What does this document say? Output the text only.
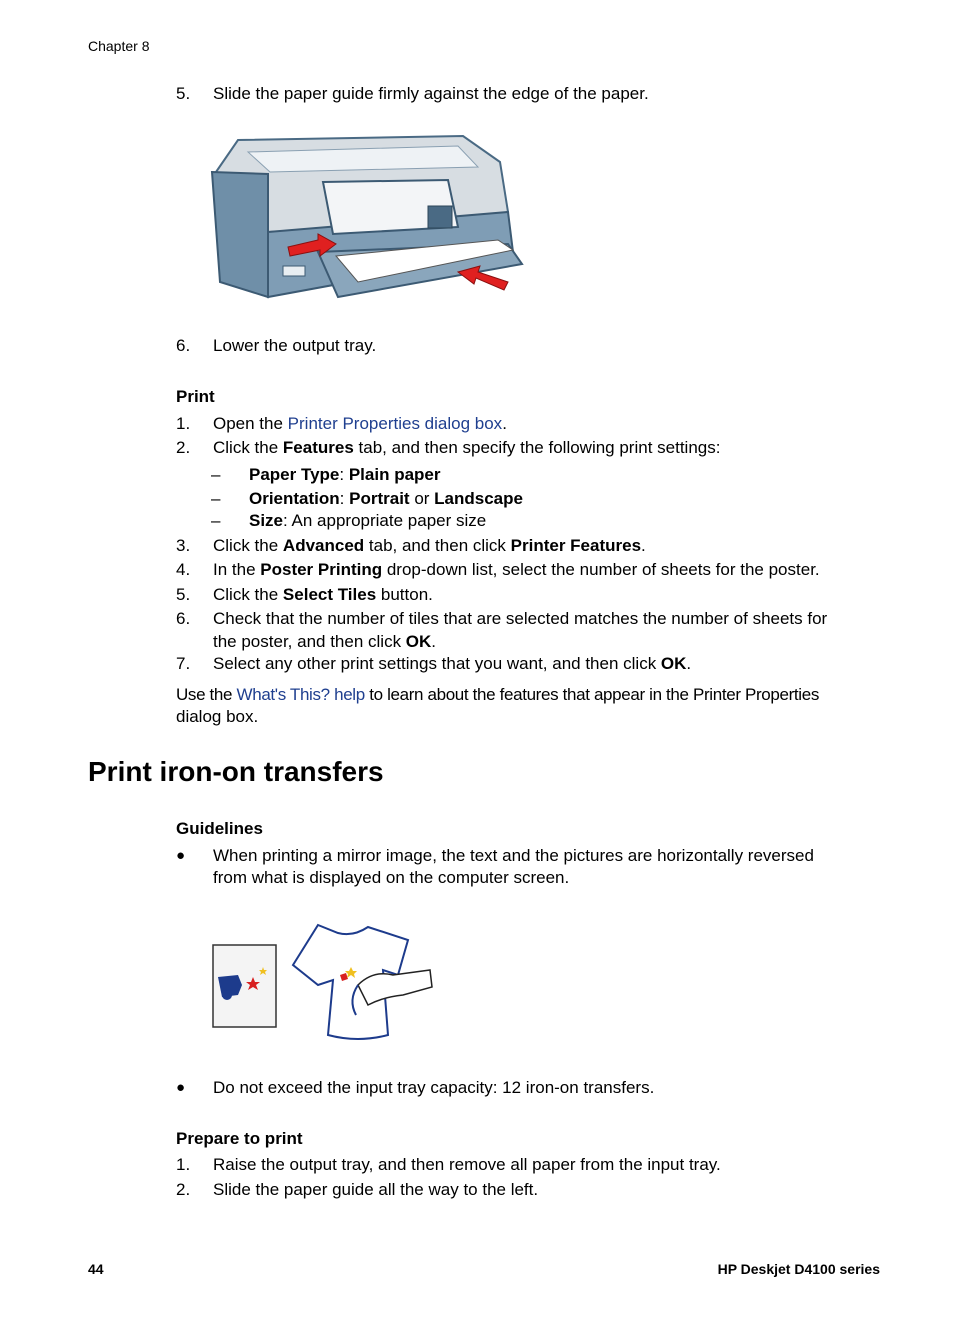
Chapter 8
5. Slide the paper guide firmly against the edge of the paper.
6. Lower the output tray.
Print
1. Open the Printer Properties dialog box.
2. Click the Features tab, and then specify the following print settings:
– Paper Type: Plain paper
– Orientation: Portrait or Landscape
– Size: An appropriate paper size
3. Click the Advanced tab, and then click Printer Features.
4. In the Poster Printing drop-down list, select the number of sheets for the poster.
5. Click the Select Tiles button.
6. Check that the number of tiles that are selected matches the number of sheets for
the poster, and then click OK.
7. Select any other print settings that you want, and then click OK.
Use the What's This? help to learn about the features that appear in the Printer Properties
dialog box.
Print iron-on transfers
Guidelines
● When printing a mirror image, the text and the pictures are horizontally reversed
from what is displayed on the computer screen.
● Do not exceed the input tray capacity: 12 iron-on transfers.
Prepare to print
1. Raise the output tray, and then remove all paper from the input tray.
2. Slide the paper guide all the way to the left.
44	HP Deskjet D4100 series
